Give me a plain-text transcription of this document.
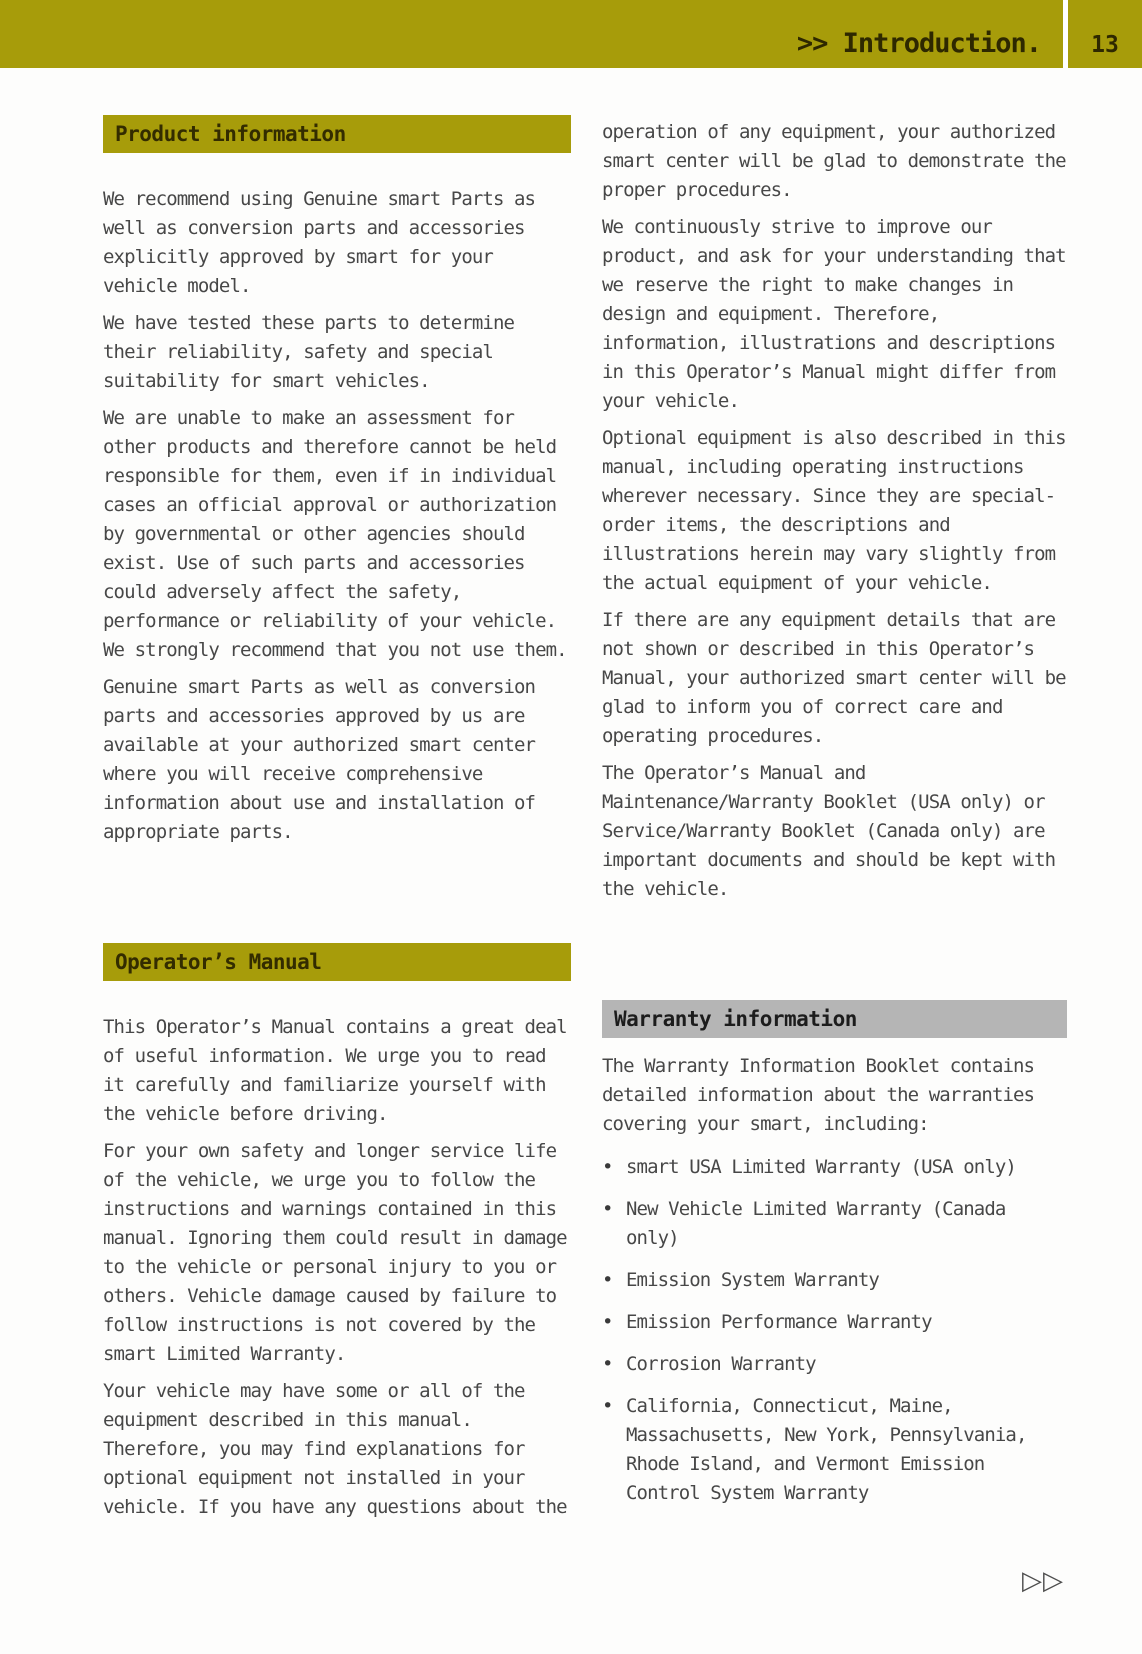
>> Introduction. 13
Product information

We recommend using Genuine smart Parts as well as conversion parts and accessories explicitly approved by smart for your vehicle model.

We have tested these parts to determine their reliability, safety and special suitability for smart vehicles.

We are unable to make an assessment for other products and therefore cannot be held responsible for them, even if in individual cases an official approval or authorization by governmental or other agencies should exist. Use of such parts and accessories could adversely affect the safety, performance or reliability of your vehicle. We strongly recommend that you not use them.

Genuine smart Parts as well as conversion parts and accessories approved by us are available at your authorized smart center where you will receive comprehensive information about use and installation of appropriate parts.

Operator’s Manual

This Operator’s Manual contains a great deal of useful information. We urge you to read it carefully and familiarize yourself with the vehicle before driving.

For your own safety and longer service life of the vehicle, we urge you to follow the instructions and warnings contained in this manual. Ignoring them could result in damage to the vehicle or personal injury to you or others. Vehicle damage caused by failure to follow instructions is not covered by the smart Limited Warranty.

Your vehicle may have some or all of the equipment described in this manual. Therefore, you may find explanations for optional equipment not installed in your vehicle. If you have any questions about the

operation of any equipment, your authorized smart center will be glad to demonstrate the proper procedures.

We continuously strive to improve our product, and ask for your understanding that we reserve the right to make changes in design and equipment. Therefore, information, illustrations and descriptions in this Operator’s Manual might differ from your vehicle.

Optional equipment is also described in this manual, including operating instructions wherever necessary. Since they are special-order items, the descriptions and illustrations herein may vary slightly from the actual equipment of your vehicle.

If there are any equipment details that are not shown or described in this Operator’s Manual, your authorized smart center will be glad to inform you of correct care and operating procedures.

The Operator’s Manual and Maintenance/Warranty Booklet (USA only) or Service/Warranty Booklet (Canada only) are important documents and should be kept with the vehicle.

Warranty information

The Warranty Information Booklet contains detailed information about the warranties covering your smart, including:

• smart USA Limited Warranty (USA only)
• New Vehicle Limited Warranty (Canada only)
• Emission System Warranty
• Emission Performance Warranty
• Corrosion Warranty
• California, Connecticut, Maine, Massachusetts, New York, Pennsylvania, Rhode Island, and Vermont Emission Control System Warranty
▷▷
